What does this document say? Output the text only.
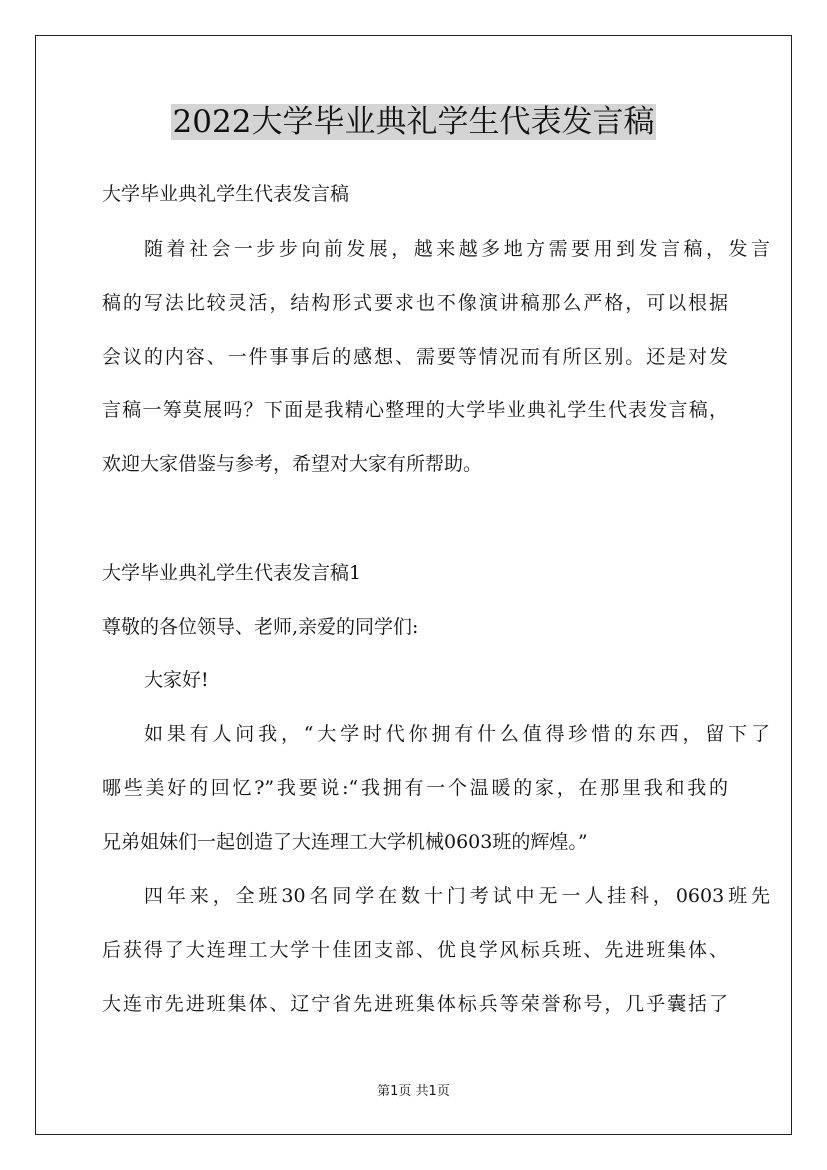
2022大学毕业典礼学生代表发言稿
大学毕业典礼学生代表发言稿
随着社会一步步向前发展，越来越多地方需要用到发言稿，发言
稿的写法比较灵活，结构形式要求也不像演讲稿那么严格，可以根据
会议的内容、一件事事后的感想、需要等情况而有所区别。还是对发
言稿一筹莫展吗？下面是我精心整理的大学毕业典礼学生代表发言稿，
欢迎大家借鉴与参考，希望对大家有所帮助。
大学毕业典礼学生代表发言稿1
尊敬的各位领导、老师,亲爱的同学们:
大家好!
如果有人问我，“大学时代你拥有什么值得珍惜的东西，留下了
哪些美好的回忆?”我要说:“我拥有一个温暖的家，在那里我和我的
兄弟姐妹们一起创造了大连理工大学机械0603班的辉煌。”
四年来，全班30名同学在数十门考试中无一人挂科，0603班先
后获得了大连理工大学十佳团支部、优良学风标兵班、先进班集体、
大连市先进班集体、辽宁省先进班集体标兵等荣誉称号，几乎囊括了
第1页 共1页
